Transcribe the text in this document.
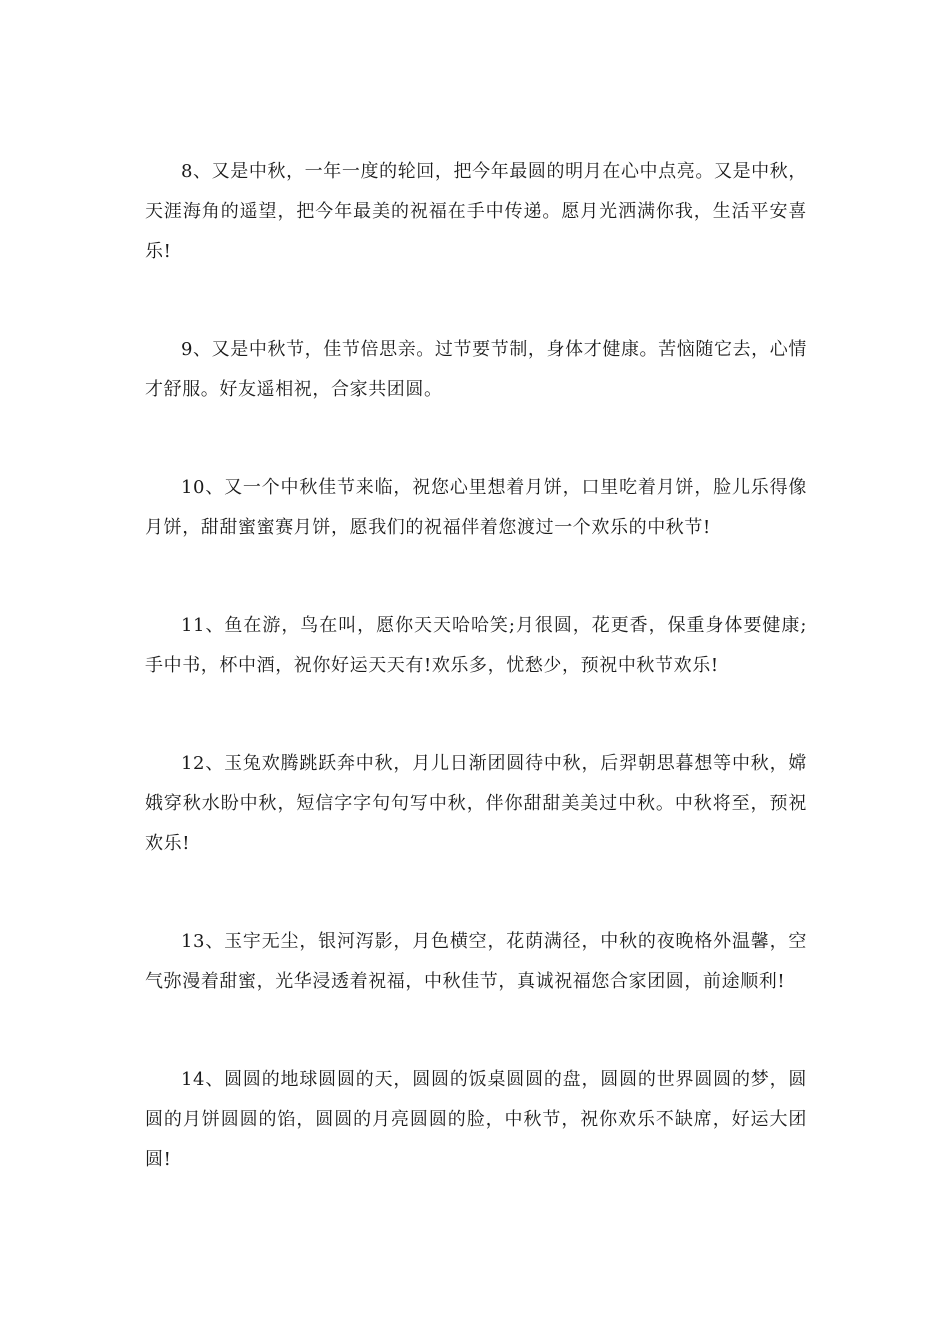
8、又是中秋，一年一度的轮回，把今年最圆的明月在心中点亮。又是中秋，天涯海角的遥望，把今年最美的祝福在手中传递。愿月光洒满你我，生活平安喜乐!

9、又是中秋节，佳节倍思亲。过节要节制，身体才健康。苦恼随它去，心情才舒服。好友遥相祝，合家共团圆。

10、又一个中秋佳节来临，祝您心里想着月饼，口里吃着月饼，脸儿乐得像月饼，甜甜蜜蜜赛月饼，愿我们的祝福伴着您渡过一个欢乐的中秋节!

11、鱼在游，鸟在叫，愿你天天哈哈笑;月很圆，花更香，保重身体要健康;手中书，杯中酒，祝你好运天天有!欢乐多，忧愁少，预祝中秋节欢乐!

12、玉兔欢腾跳跃奔中秋，月儿日渐团圆待中秋，后羿朝思暮想等中秋，嫦娥穿秋水盼中秋，短信字字句句写中秋，伴你甜甜美美过中秋。中秋将至，预祝欢乐!

13、玉宇无尘，银河泻影，月色横空，花荫满径，中秋的夜晚格外温馨，空气弥漫着甜蜜，光华浸透着祝福，中秋佳节，真诚祝福您合家团圆，前途顺利!

14、圆圆的地球圆圆的天，圆圆的饭桌圆圆的盘，圆圆的世界圆圆的梦，圆圆的月饼圆圆的馅，圆圆的月亮圆圆的脸，中秋节，祝你欢乐不缺席，好运大团圆!
